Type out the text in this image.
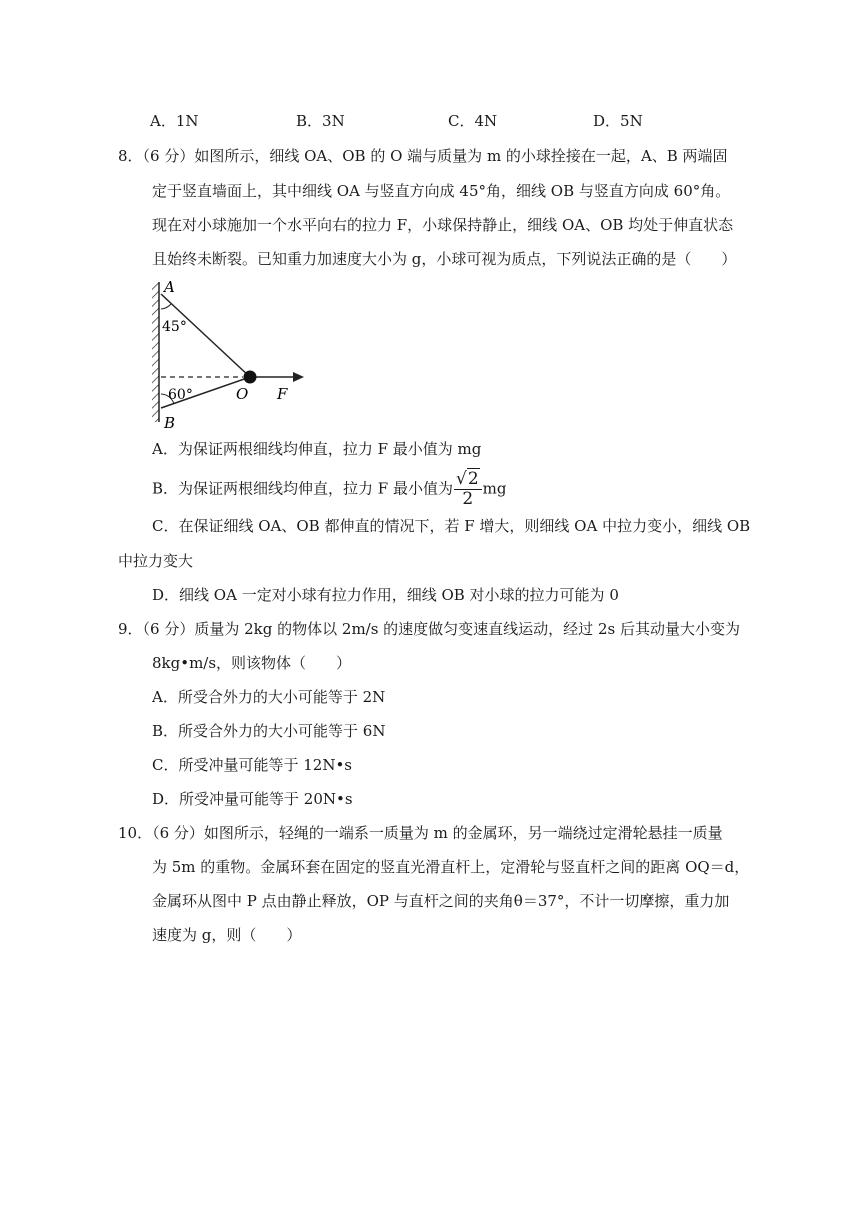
A．1N	B．3N	C．4N	D．5N
8．（6 分）如图所示，细线 OA、OB 的 O 端与质量为 m 的小球拴接在一起，A、B 两端固
定于竖直墙面上，其中细线 OA 与竖直方向成 45°角，细线 OB 与竖直方向成 60°角。
现在对小球施加一个水平向右的拉力 F，小球保持静止，细线 OA、OB 均处于伸直状态
且始终未断裂。已知重力加速度大小为 g，小球可视为质点，下列说法正确的是（　　）
A
45°
60°
B
O F
A．为保证两根细线均伸直，拉力 F 最小值为 mg
B．为保证两根细线均伸直，拉力 F 最小值为 $\frac{√2}{2}$ mg
C．在保证细线 OA、OB 都伸直的情况下，若 F 增大，则细线 OA 中拉力变小，细线 OB
中拉力变大
D．细线 OA 一定对小球有拉力作用，细线 OB 对小球的拉力可能为 0
9．（6 分）质量为 2kg 的物体以 2m/s 的速度做匀变速直线运动，经过 2s 后其动量大小变为
8kg•m/s，则该物体（　　）
A．所受合外力的大小可能等于 2N
B．所受合外力的大小可能等于 6N
C．所受冲量可能等于 12N•s
D．所受冲量可能等于 20N•s
10．（6 分）如图所示，轻绳的一端系一质量为 m 的金属环，另一端绕过定滑轮悬挂一质量
为 5m 的重物。金属环套在固定的竖直光滑直杆上，定滑轮与竖直杆之间的距离 OQ＝d，
金属环从图中 P 点由静止释放，OP 与直杆之间的夹角θ＝37°，不计一切摩擦，重力加
速度为 g，则（　　）
